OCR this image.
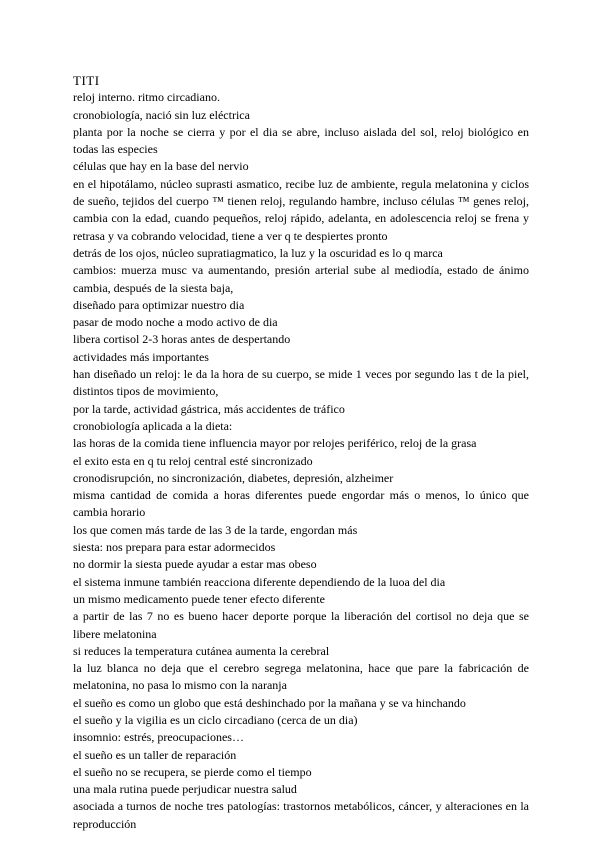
TITI

reloj interno. ritmo circadiano.

cronobiología, nació sin luz eléctrica

planta por la noche se cierra y por el dia se abre, incluso aislada del sol, reloj biológico en todas las especies

células que hay en la base del nervio

en el hipotálamo, núcleo suprasti asmatico, recibe luz de ambiente, regula melatonina y ciclos de sueño, tejidos del cuerpo ™ tienen reloj, regulando hambre, incluso células ™ genes reloj, cambia con la edad, cuando pequeños, reloj rápido, adelanta, en adolescencia reloj se frena y retrasa y va cobrando velocidad, tiene a ver q te despiertes pronto

detrás de los ojos, núcleo supratiagmatico, la luz y la oscuridad es lo q marca

cambios: muerza musc va aumentando, presión arterial sube al mediodía, estado de ánimo cambia, después de la siesta baja,

diseñado para optimizar nuestro dia

pasar de modo noche a modo activo de dia

libera cortisol 2-3 horas antes de despertando

actividades más importantes

han diseñado un reloj: le da la hora de su cuerpo, se mide 1 veces por segundo las t de la piel, distintos tipos de movimiento,

por la tarde, actividad gástrica, más accidentes de tráfico

cronobiología aplicada a la dieta:

las horas de la comida tiene influencia mayor por relojes periférico, reloj de la grasa

el exito esta en q tu reloj central esté sincronizado

cronodisrupción, no sincronización, diabetes, depresión, alzheimer

misma cantidad de comida a horas diferentes puede engordar más o menos, lo único que cambia horario

los que comen más tarde de las 3 de la tarde, engordan más

siesta: nos prepara para estar adormecidos

no dormir la siesta puede ayudar a estar mas obeso

el sistema inmune también reacciona diferente dependiendo de la luoa del dia

un mismo medicamento puede tener efecto diferente

a partir de las 7 no es bueno hacer deporte porque la liberación del cortisol no deja que se libere melatonina

si reduces la temperatura cutánea aumenta la cerebral

la luz blanca no deja que el cerebro segrega melatonina, hace que pare la fabricación de melatonina, no pasa lo mismo con la naranja

el sueño es como un globo que está deshinchado por la mañana y se va hinchando

el sueño y la vigilia es un ciclo circadiano (cerca de un dia)

insomnio: estrés, preocupaciones…

el sueño es un taller de reparación

el sueño no se recupera, se pierde como el tiempo

una mala rutina puede perjudicar nuestra salud

asociada a turnos de noche tres patologías: trastornos metabólicos, cáncer, y alteraciones en la reproducción
